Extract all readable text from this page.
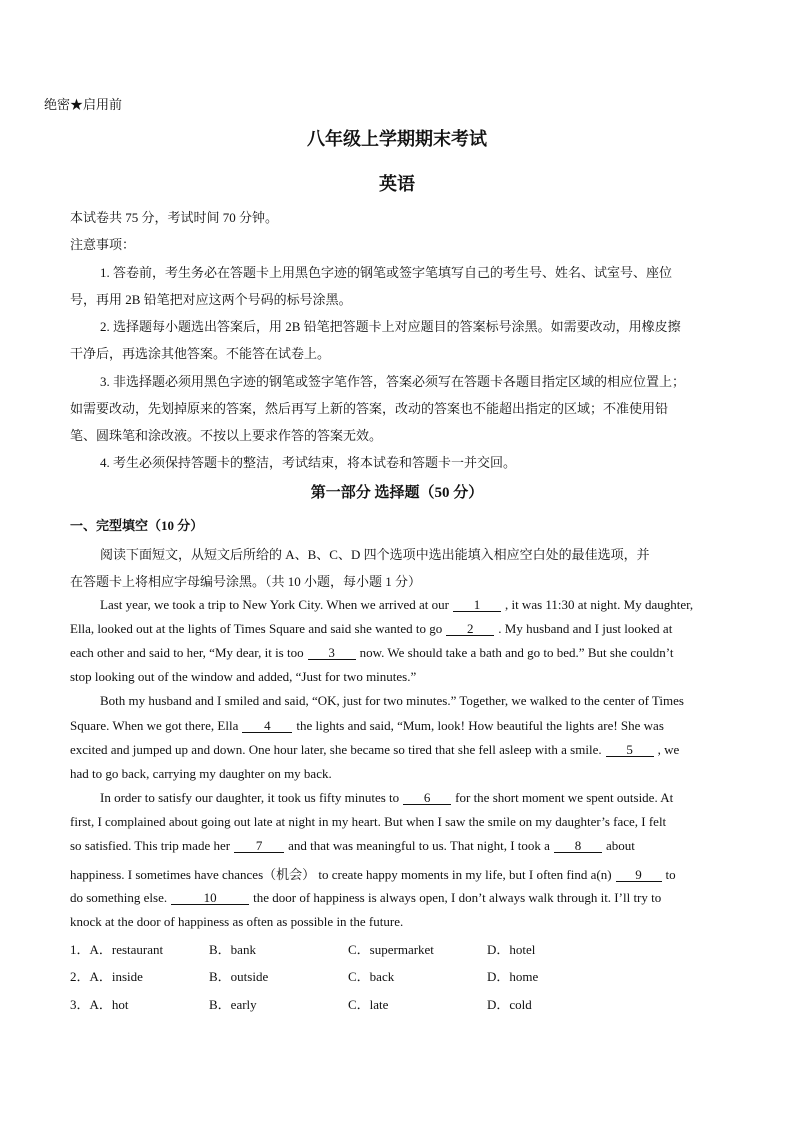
绝密★启用前
八年级上学期期末考试
英语
本试卷共 75 分，考试时间 70 分钟。
注意事项：
1. 答卷前，考生务必在答题卡上用黑色字迹的钢笔或签字笔填写自己的考生号、姓名、试室号、座位
号，再用 2B 铅笔把对应这两个号码的标号涂黑。
2. 选择题每小题选出答案后，用 2B 铅笔把答题卡上对应题目的答案标号涂黑。如需要改动，用橡皮擦
干净后，再选涂其他答案。不能答在试卷上。
3. 非选择题必须用黑色字迹的钢笔或签字笔作答，答案必须写在答题卡各题目指定区域的相应位置上；
如需要改动，先划掉原来的答案，然后再写上新的答案，改动的答案也不能超出指定的区域；不准使用铅
笔、圆珠笔和涂改液。不按以上要求作答的答案无效。
4. 考生必须保持答题卡的整洁，考试结束，将本试卷和答题卡一并交回。
第一部分 选择题（50 分）
一、完型填空（10 分）
阅读下面短文，从短文后所给的 A、B、C、D 四个选项中选出能填入相应空白处的最佳选项，并
在答题卡上将相应字母编号涂黑。（共 10 小题，每小题 1 分）
Last year, we took a trip to New York City. When we arrived at our 1 , it was 11:30 at night. My daughter,
Ella, looked out at the lights of Times Square and said she wanted to go 2 . My husband and I just looked at
each other and said to her, “My dear, it is too 3 now. We should take a bath and go to bed.” But she couldn’t
stop looking out of the window and added, “Just for two minutes.”
Both my husband and I smiled and said, “OK, just for two minutes.” Together, we walked to the center of Times
Square. When we got there, Ella 4 the lights and said, “Mum, look! How beautiful the lights are! She was
excited and jumped up and down. One hour later, she became so tired that she fell asleep with a smile. 5 , we
had to go back, carrying my daughter on my back.
In order to satisfy our daughter, it took us fifty minutes to 6 for the short moment we spent outside. At
first, I complained about going out late at night in my heart. But when I saw the smile on my daughter’s face, I felt
so satisfied. This trip made her 7 and that was meaningful to us. That night, I took a 8 about
happiness. I sometimes have chances（机会） to create happy moments in my life, but I often find a(n) 9 to
do something else.	10	the door of happiness is always open, I don’t always walk through it. I’ll try to
knock at the door of happiness as often as possible in the future.
1．A．restaurant	B．bank	C．supermarket	D．hotel
2．A．inside	B．outside	C．back	D．home
3．A．hot	B．early	C．late	D．cold
